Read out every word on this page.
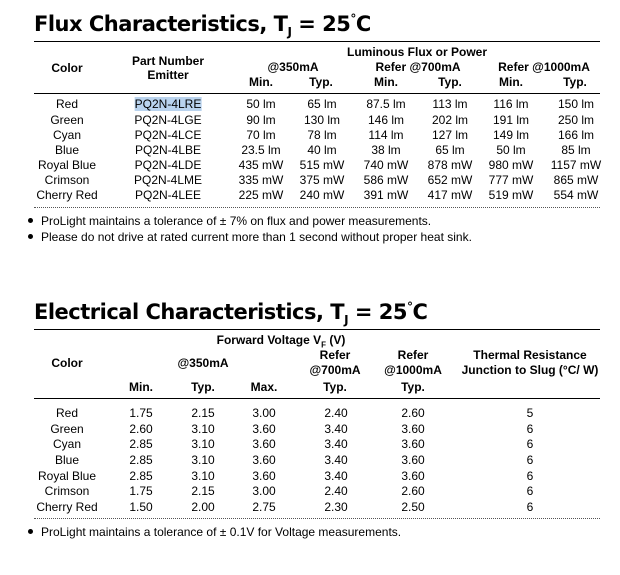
Flux Characteristics, $T_J = 25^\circ C$
Color	Part Number
Emitter
Luminous Flux or Power
@350mA	Refer @700mA	Refer @1000mA
Min.	Typ.	Min.	Typ.	Min.	Typ.
Red	PQ2N-4LRE	50 lm	65 lm 87.5 lm 113 lm 116 lm 150 lm
Green	PQ2N-4LGE	90 lm 130 lm 146 lm 202 lm 191 lm 250 lm
Cyan	PQ2N-4LCE	70 lm	78 lm	114 lm 127 lm 149 lm 166 lm
Blue	PQ2N-4LBE	23.5 lm 40 lm	38 lm	65 lm	50 lm	85 lm
Royal Blue	PQ2N-4LDE	435 mW 515 mW 740 mW 878 mW 980 mW 1157 mW
Crimson	PQ2N-4LME	335 mW 375 mW 586 mW 652 mW 777 mW 865 mW
Cherry Red	PQ2N-4LEE	225 mW 240 mW 391 mW 417 mW 519 mW 554 mW
ProLight maintains a tolerance of ± 7% on flux and power measurements.
Please do not drive at rated current more than 1 second without proper heat sink.
Electrical Characteristics, $T_J = 25^\circ C$
Forward Voltage $V_F$ (V)
Color	@350mA
Refer
@700mA
Refer
@1000mA
Thermal Resistance
Junction to Slug (°C/ W)
Min.	Typ.	Max.	Typ.	Typ.
Red	1.75	2.15	3.00	2.40	2.60	5
Green	2.60	3.10	3.60	3.40	3.60	6
Cyan	2.85	3.10	3.60	3.40	3.60	6
Blue	2.85	3.10	3.60	3.40	3.60	6
Royal Blue	2.85	3.10	3.60	3.40	3.60	6
Crimson	1.75	2.15	3.00	2.40	2.60	6
Cherry Red	1.50	2.00	2.75	2.30	2.50	6
ProLight maintains a tolerance of ± 0.1V for Voltage measurements.
